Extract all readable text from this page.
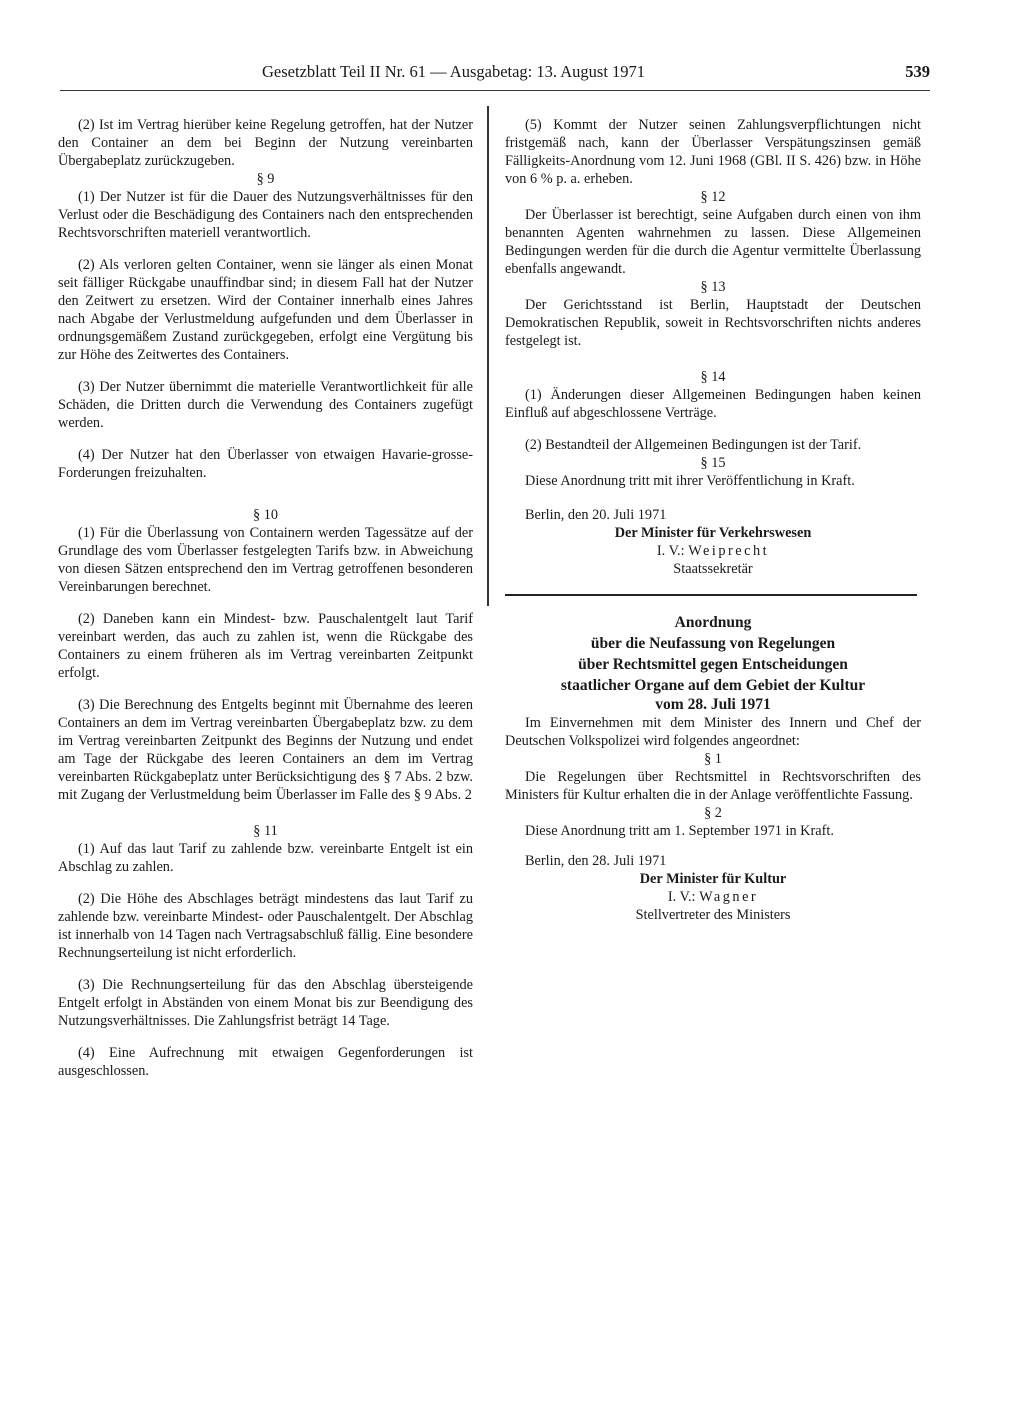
Gesetzblatt Teil II Nr. 61 — Ausgabetag: 13. August 1971	539

(2) Ist im Vertrag hierüber keine Regelung getroffen, hat der Nutzer den Container an dem bei Beginn der Nutzung vereinbarten Übergabeplatz zurückzugeben.

§ 9

(1) Der Nutzer ist für die Dauer des Nutzungsverhältnisses für den Verlust oder die Beschädigung des Containers nach den entsprechenden Rechtsvorschriften materiell verantwortlich.

(2) Als verloren gelten Container, wenn sie länger als einen Monat seit fälliger Rückgabe unauffindbar sind; in diesem Fall hat der Nutzer den Zeitwert zu ersetzen. Wird der Container innerhalb eines Jahres nach Abgabe der Verlustmeldung aufgefunden und dem Überlasser in ordnungsgemäßem Zustand zurückgegeben, erfolgt eine Vergütung bis zur Höhe des Zeitwertes des Containers.

(3) Der Nutzer übernimmt die materielle Verantwortlichkeit für alle Schäden, die Dritten durch die Verwendung des Containers zugefügt werden.

(4) Der Nutzer hat den Überlasser von etwaigen Havarie-grosse-Forderungen freizuhalten.

§ 10

(1) Für die Überlassung von Containern werden Tagessätze auf der Grundlage des vom Überlasser festgelegten Tarifs bzw. in Abweichung von diesen Sätzen entsprechend den im Vertrag getroffenen besonderen Vereinbarungen berechnet.

(2) Daneben kann ein Mindest- bzw. Pauschalentgelt laut Tarif vereinbart werden, das auch zu zahlen ist, wenn die Rückgabe des Containers zu einem früheren als im Vertrag vereinbarten Zeitpunkt erfolgt.

(3) Die Berechnung des Entgelts beginnt mit Übernahme des leeren Containers an dem im Vertrag vereinbarten Übergabeplatz bzw. zu dem im Vertrag vereinbarten Zeitpunkt des Beginns der Nutzung und endet am Tage der Rückgabe des leeren Containers an dem im Vertrag vereinbarten Rückgabeplatz unter Berücksichtigung des § 7 Abs. 2 bzw. mit Zugang der Verlustmeldung beim Überlasser im Falle des § 9 Abs. 2

§ 11

(1) Auf das laut Tarif zu zahlende bzw. vereinbarte Entgelt ist ein Abschlag zu zahlen.

(2) Die Höhe des Abschlages beträgt mindestens das laut Tarif zu zahlende bzw. vereinbarte Mindest- oder Pauschalentgelt. Der Abschlag ist innerhalb von 14 Tagen nach Vertragsabschluß fällig. Eine besondere Rechnungserteilung ist nicht erforderlich.

(3) Die Rechnungserteilung für das den Abschlag übersteigende Entgelt erfolgt in Abständen von einem Monat bis zur Beendigung des Nutzungsverhältnisses. Die Zahlungsfrist beträgt 14 Tage.

(4) Eine Aufrechnung mit etwaigen Gegenforderungen ist ausgeschlossen.

(5) Kommt der Nutzer seinen Zahlungsverpflichtungen nicht fristgemäß nach, kann der Überlasser Verspätungszinsen gemäß Fälligkeits-Anordnung vom 12. Juni 1968 (GBl. II S. 426) bzw. in Höhe von 6 % p. a. erheben.

§ 12

Der Überlasser ist berechtigt, seine Aufgaben durch einen von ihm benannten Agenten wahrnehmen zu lassen. Diese Allgemeinen Bedingungen werden für die durch die Agentur vermittelte Überlassung ebenfalls angewandt.

§ 13

Der Gerichtsstand ist Berlin, Hauptstadt der Deutschen Demokratischen Republik, soweit in Rechtsvorschriften nichts anderes festgelegt ist.

§ 14

(1) Änderungen dieser Allgemeinen Bedingungen haben keinen Einfluß auf abgeschlossene Verträge.

(2) Bestandteil der Allgemeinen Bedingungen ist der Tarif.

§ 15

Diese Anordnung tritt mit ihrer Veröffentlichung in Kraft.

Berlin, den 20. Juli 1971

Der Minister für Verkehrswesen

I. V.: Weiprecht

Staatssekretär

Anordnung

über die Neufassung von Regelungen

über Rechtsmittel gegen Entscheidungen

staatlicher Organe auf dem Gebiet der Kultur

vom 28. Juli 1971

Im Einvernehmen mit dem Minister des Innern und Chef der Deutschen Volkspolizei wird folgendes angeordnet:

§ 1

Die Regelungen über Rechtsmittel in Rechtsvorschriften des Ministers für Kultur erhalten die in der Anlage veröffentlichte Fassung.

§ 2

Diese Anordnung tritt am 1. September 1971 in Kraft.

Berlin, den 28. Juli 1971

Der Minister für Kultur

I. V.: Wagner

Stellvertreter des Ministers
